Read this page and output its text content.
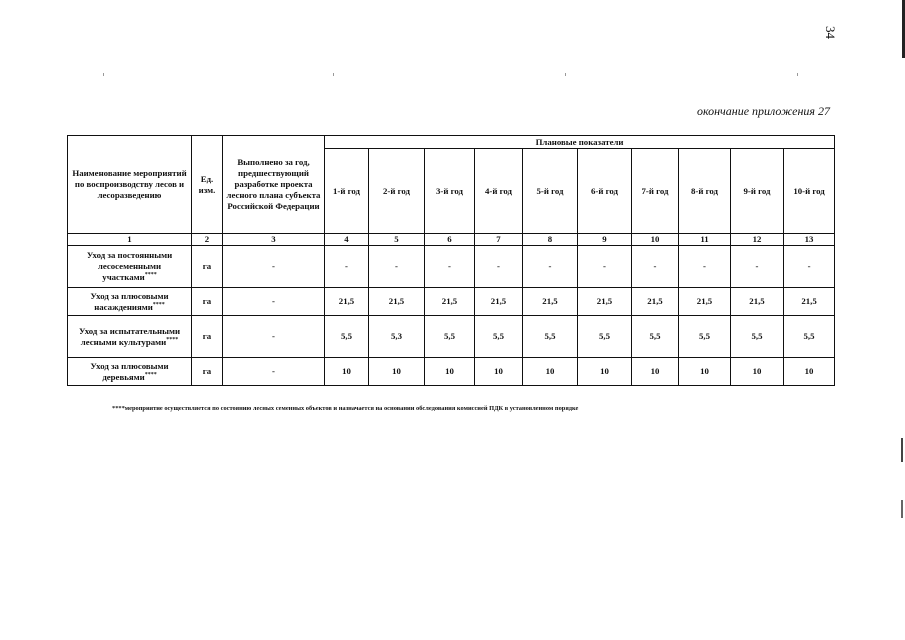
34
окончание приложения 27
Наименование мероприятий по воспроизводству лесов и лесоразведению	Ед. изм.	Выполнено за год, предшествующий разработке проекта лесного плана субъекта Российской Федерации	Плановые показатели									
			1-й год	2-й год	3-й год	4-й год	5-й год	6-й год	7-й год	8-й год	9-й год	10-й год
1	2	3	4	5	6	7	8	9	10	11	12	13
Уход за постоянными лесосеменными участками****	га	-	-	-	-	-	-	-	-	-	-	-
Уход за плюсовыми насаждениями****	га	-	21,5	21,5	21,5	21,5	21,5	21,5	21,5	21,5	21,5	21,5
Уход за испытательными лесными культурами****	га	-	5,5	5,3	5,5	5,5	5,5	5,5	5,5	5,5	5,5	5,5
Уход за плюсовыми деревьями****	га	-	10	10	10	10	10	10	10	10	10	10
****мероприятие осуществляется по состоянию лесных семенных объектов и назначается на основании обследования комиссией ПДК в установленном порядке
